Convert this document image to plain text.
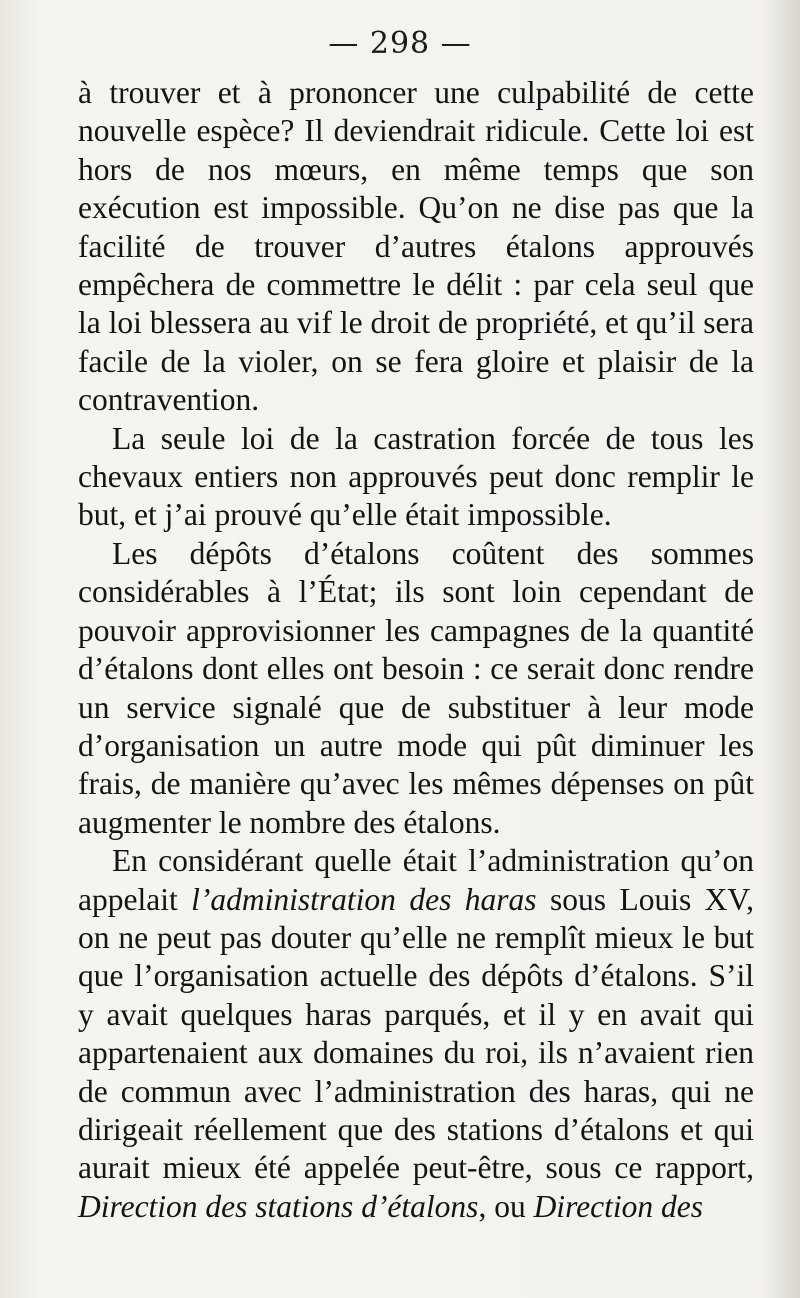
— 298 —

à trouver et à prononcer une culpabilité de cette nouvelle espèce? Il deviendrait ridicule. Cette loi est hors de nos mœurs, en même temps que son exécution est impossible. Qu’on ne dise pas que la facilité de trouver d’autres étalons approuvés empêchera de commettre le délit : par cela seul que la loi blessera au vif le droit de propriété, et qu’il sera facile de la violer, on se fera gloire et plaisir de la contravention.

La seule loi de la castration forcée de tous les chevaux entiers non approuvés peut donc remplir le but, et j’ai prouvé qu’elle était impossible.

Les dépôts d’étalons coûtent des sommes considérables à l’État; ils sont loin cependant de pouvoir approvisionner les campagnes de la quantité d’étalons dont elles ont besoin : ce serait donc rendre un service signalé que de substituer à leur mode d’organisation un autre mode qui pût diminuer les frais, de manière qu’avec les mêmes dépenses on pût augmenter le nombre des étalons.

En considérant quelle était l’administration qu’on appelait l’administration des haras sous Louis XV, on ne peut pas douter qu’elle ne remplît mieux le but que l’organisation actuelle des dépôts d’étalons. S’il y avait quelques haras parqués, et il y en avait qui appartenaient aux domaines du roi, ils n’avaient rien de commun avec l’administration des haras, qui ne dirigeait réellement que des stations d’étalons et qui aurait mieux été appelée peut-être, sous ce rapport, Direction des stations d’étalons, ou Direction des
